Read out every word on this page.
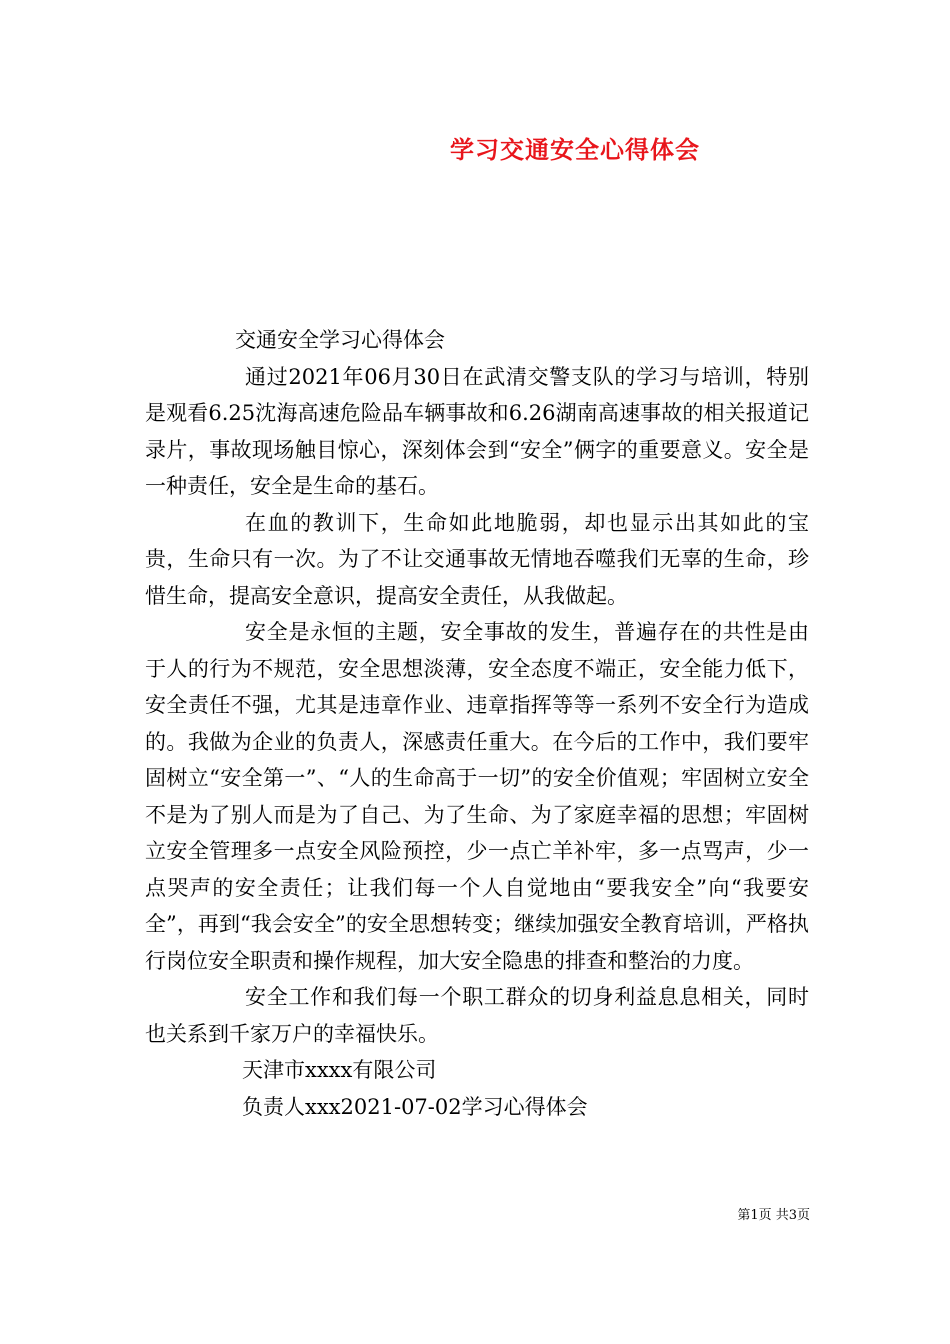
学习交通安全心得体会

交通安全学习心得体会

通过2021年06月30日在武清交警支队的学习与培训，特别是观看6.25沈海高速危险品车辆事故和6.26湖南高速事故的相关报道记录片，事故现场触目惊心，深刻体会到“安全”俩字的重要意义。安全是一种责任，安全是生命的基石。

在血的教训下，生命如此地脆弱，却也显示出其如此的宝贵，生命只有一次。为了不让交通事故无情地吞噬我们无辜的生命，珍惜生命，提高安全意识，提高安全责任，从我做起。

安全是永恒的主题，安全事故的发生，普遍存在的共性是由于人的行为不规范，安全思想淡薄，安全态度不端正，安全能力低下，安全责任不强，尤其是违章作业、违章指挥等等一系列不安全行为造成的。我做为企业的负责人，深感责任重大。在今后的工作中，我们要牢固树立“安全第一”、“人的生命高于一切”的安全价值观；牢固树立安全不是为了别人而是为了自己、为了生命、为了家庭幸福的思想；牢固树立安全管理多一点安全风险预控，少一点亡羊补牢，多一点骂声，少一点哭声的安全责任；让我们每一个人自觉地由“要我安全”向“我要安全”，再到“我会安全”的安全思想转变；继续加强安全教育培训，严格执行岗位安全职责和操作规程，加大安全隐患的排查和整治的力度。

安全工作和我们每一个职工群众的切身利益息息相关，同时也关系到千家万户的幸福快乐。

天津市xxxx有限公司

负责人xxx2021-07-02学习心得体会

第1页 共3页
